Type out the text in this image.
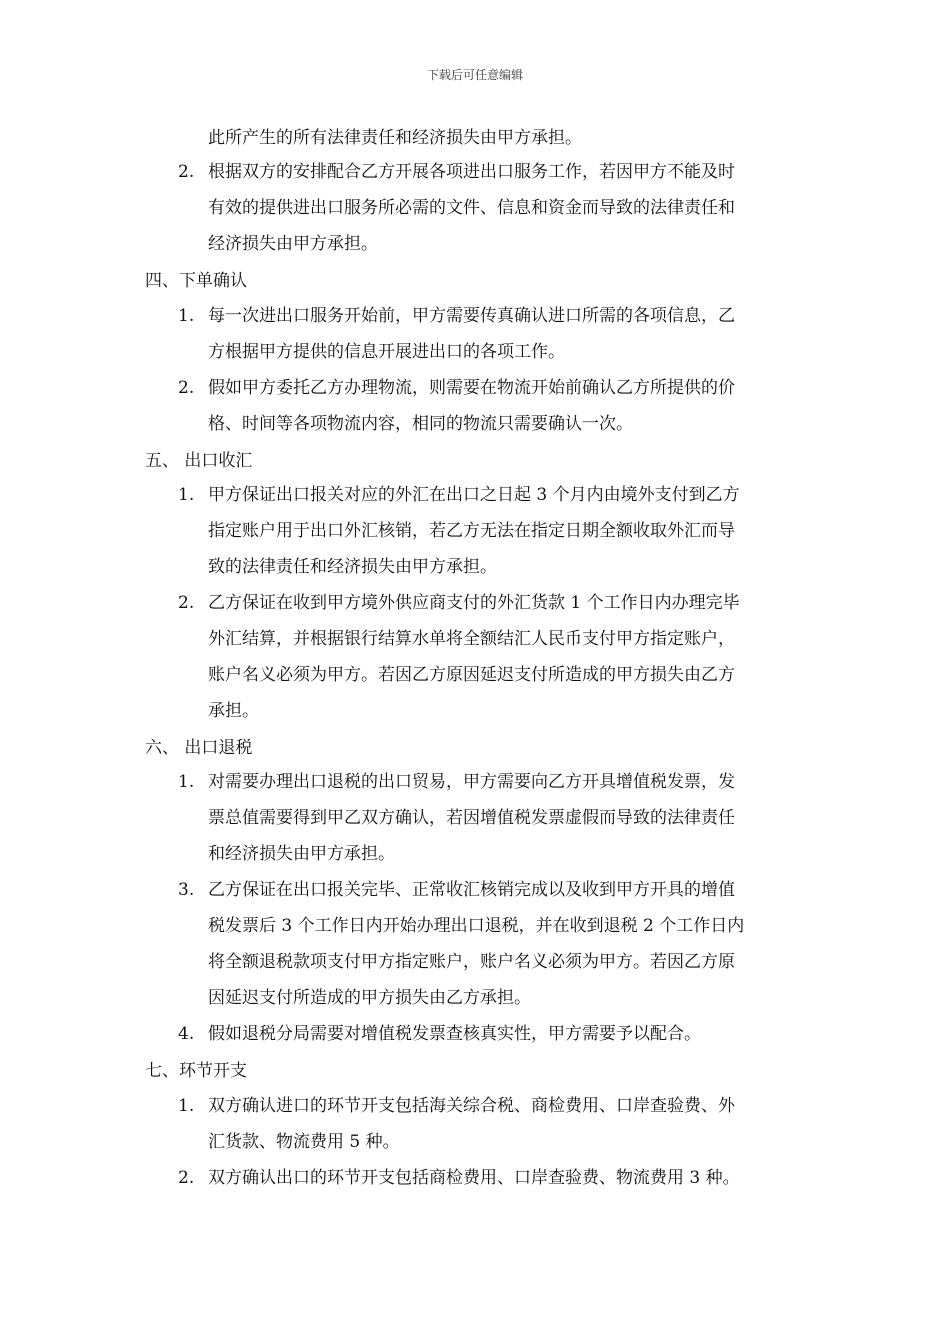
下载后可任意编辑
此所产生的所有法律责任和经济损失由甲方承担。
2. 根据双方的安排配合乙方开展各项进出口服务工作，若因甲方不能及时
有效的提供进出口服务所必需的文件、信息和资金而导致的法律责任和
经济损失由甲方承担。
四、下单确认
1. 每一次进出口服务开始前，甲方需要传真确认进口所需的各项信息，乙
方根据甲方提供的信息开展进出口的各项工作。
2. 假如甲方委托乙方办理物流，则需要在物流开始前确认乙方所提供的价
格、时间等各项物流内容，相同的物流只需要确认一次。
五、 出口收汇
1. 甲方保证出口报关对应的外汇在出口之日起 3 个月内由境外支付到乙方
指定账户用于出口外汇核销，若乙方无法在指定日期全额收取外汇而导
致的法律责任和经济损失由甲方承担。
2. 乙方保证在收到甲方境外供应商支付的外汇货款 1 个工作日内办理完毕
外汇结算，并根据银行结算水单将全额结汇人民币支付甲方指定账户，
账户名义必须为甲方。若因乙方原因延迟支付所造成的甲方损失由乙方
承担。
六、 出口退税
1. 对需要办理出口退税的出口贸易，甲方需要向乙方开具增值税发票，发
票总值需要得到甲乙双方确认，若因增值税发票虚假而导致的法律责任
和经济损失由甲方承担。
3. 乙方保证在出口报关完毕、正常收汇核销完成以及收到甲方开具的增值
税发票后 3 个工作日内开始办理出口退税，并在收到退税 2 个工作日内
将全额退税款项支付甲方指定账户，账户名义必须为甲方。若因乙方原
因延迟支付所造成的甲方损失由乙方承担。
4. 假如退税分局需要对增值税发票查核真实性，甲方需要予以配合。
七、环节开支
1. 双方确认进口的环节开支包括海关综合税、商检费用、口岸查验费、外
汇货款、物流费用 5 种。
2. 双方确认出口的环节开支包括商检费用、口岸查验费、物流费用 3 种。
